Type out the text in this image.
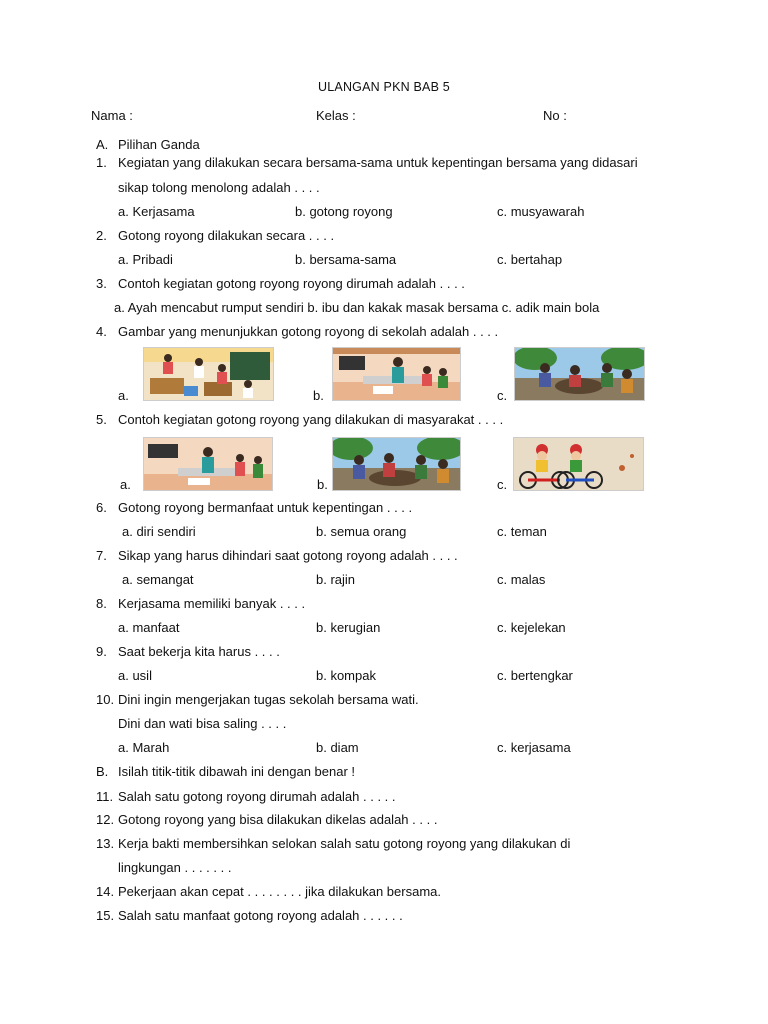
ULANGAN PKN BAB 5
Nama :	Kelas :	No :
A. Pilihan Ganda
1. Kegiatan yang dilakukan secara bersama-sama untuk kepentingan bersama yang didasari
sikap tolong menolong adalah . . . .
a. Kerjasama	b. gotong royong	c. musyawarah
2. Gotong royong dilakukan secara . . . .
a. Pribadi	b. bersama-sama	c. bertahap
3. Contoh kegiatan gotong royong royong dirumah adalah . . . .
a. Ayah mencabut rumput sendiri b. ibu dan kakak masak bersama c. adik main bola
4. Gambar yang menunjukkan gotong royong di sekolah adalah . . . .
a.	b.	c.
5. Contoh kegiatan gotong royong yang dilakukan di masyarakat . . . .
a.	b.	c.
6. Gotong royong bermanfaat untuk kepentingan . . . .
a. diri sendiri	b. semua orang	c. teman
7. Sikap yang harus dihindari saat gotong royong adalah . . . .
a. semangat	b. rajin	c. malas
8. Kerjasama memiliki banyak . . . .
a. manfaat	b. kerugian	c. kejelekan
9. Saat bekerja kita harus . . . .
a. usil	b. kompak	c. bertengkar
10. Dini ingin mengerjakan tugas sekolah bersama wati.
Dini dan wati bisa saling . . . .
a. Marah	b. diam	c. kerjasama
B. Isilah titik-titik dibawah ini dengan benar !
11. Salah satu gotong royong dirumah adalah . . . . .
12. Gotong royong yang bisa dilakukan dikelas adalah . . . .
13. Kerja bakti membersihkan selokan salah satu gotong royong yang dilakukan di
lingkungan . . . . . . .
14. Pekerjaan akan cepat . . . . . . . . jika dilakukan bersama.
15. Salah satu manfaat gotong royong adalah . . . . . .
